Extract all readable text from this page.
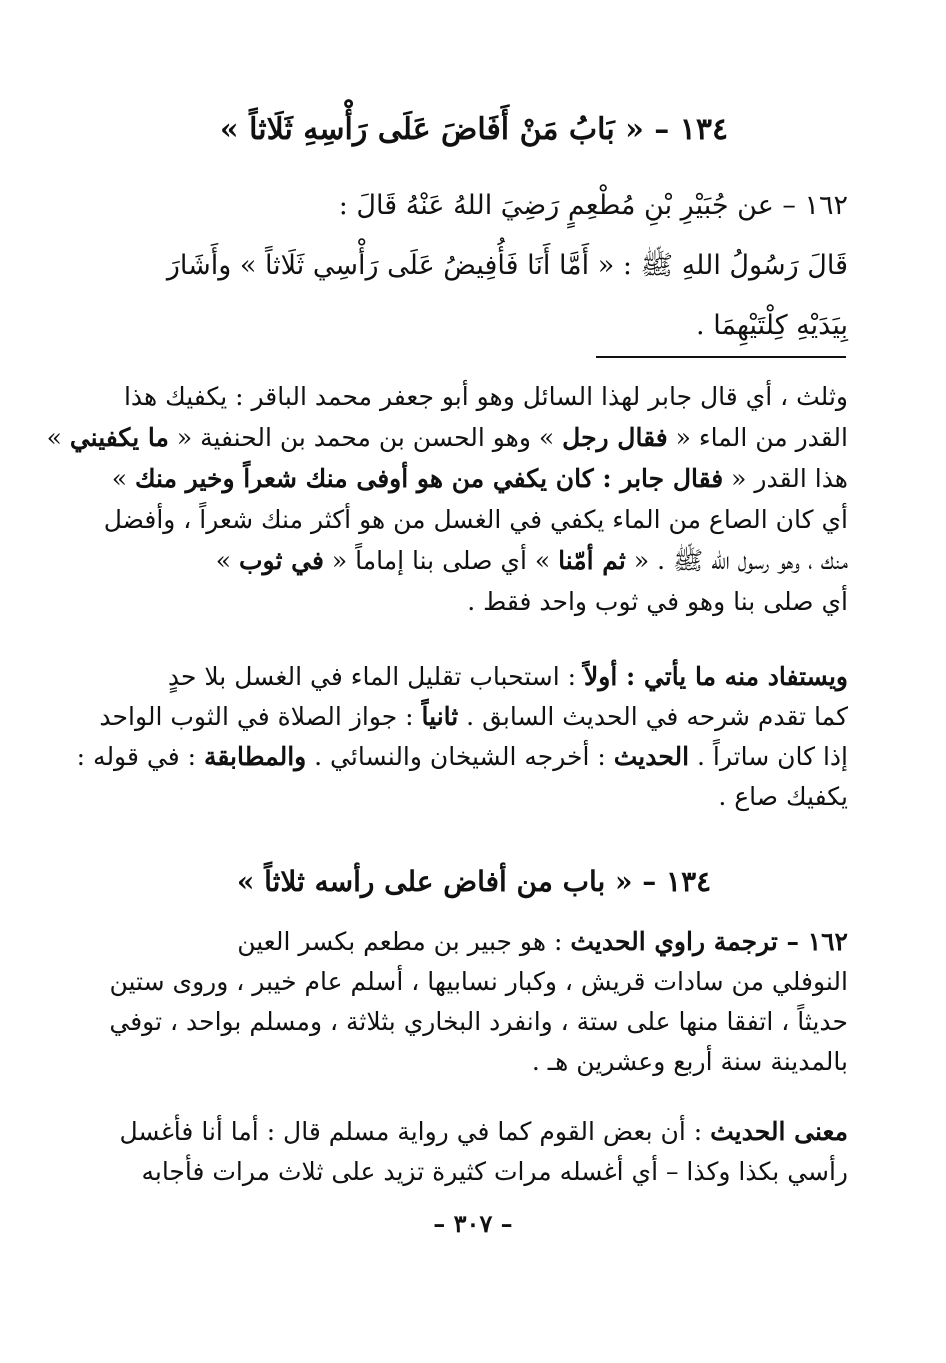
١٣٤ – « بَابُ مَنْ أَفَاضَ عَلَى رَأْسِهِ ثَلَاثاً »
١٦٢ – عن جُبَيْرِ بْنِ مُطْعِمٍ رَضِيَ اللهُ عَنْهُ قَالَ :
قَالَ رَسُولُ اللهِ ﷺ : « أَمَّا أَنَا فَأُفِيضُ عَلَى رَأْسِي ثَلَاثاً » وأَشَارَ
بِيَدَيْهِ كِلْتَيْهِمَا .
وثلث ، أي قال جابر لهذا السائل وهو أبو جعفر محمد الباقر : يكفيك هذا
القدر من الماء « فقال رجل » وهو الحسن بن محمد بن الحنفية « ما يكفيني »
هذا القدر « فقال جابر : كان يكفي من هو أوفى منك شعراً وخير منك »
أي كان الصاع من الماء يكفي في الغسل من هو أكثر منك شعراً ، وأفضل
منك ، وهو رسول الله ﷺ . « ثم أمّنا » أي صلى بنا إماماً « في ثوب »
أي صلى بنا وهو في ثوب واحد فقط .
ويستفاد منه ما يأتي : أولاً : استحباب تقليل الماء في الغسل بلا حدٍ
كما تقدم شرحه في الحديث السابق . ثانياً : جواز الصلاة في الثوب الواحد
إذا كان ساتراً . الحديث : أخرجه الشيخان والنسائي . والمطابقة : في قوله :
يكفيك صاع .
١٣٤ – « باب من أفاض على رأسه ثلاثاً »
١٦٢ – ترجمة راوي الحديث : هو جبير بن مطعم بكسر العين
النوفلي من سادات قريش ، وكبار نسابيها ، أسلم عام خيبر ، وروى ستين
حديثاً ، اتفقا منها على ستة ، وانفرد البخاري بثلاثة ، ومسلم بواحد ، توفي
بالمدينة سنة أربع وعشرين هـ .
معنى الحديث : أن بعض القوم كما في رواية مسلم قال : أما أنا فأغسل
رأسي بكذا وكذا – أي أغسله مرات كثيرة تزيد على ثلاث مرات فأجابه
– ٣٠٧ –
